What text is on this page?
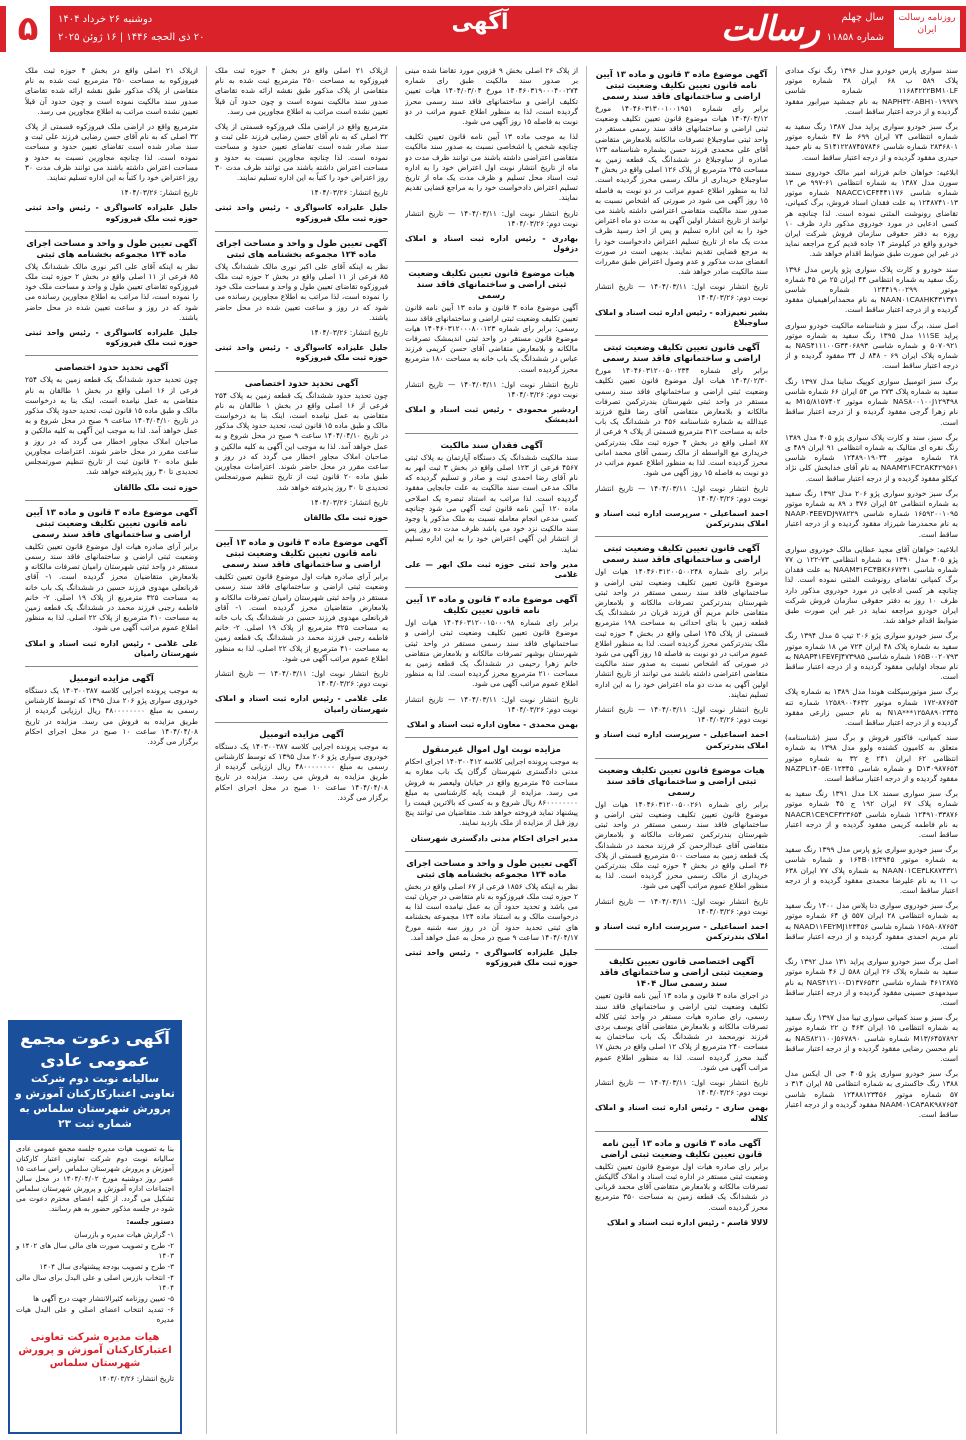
روزنامه رسالت ایران
سال چهلم
شماره ۱۱۸۵۸
رسالت
آگهی
۵	دوشنبه ۲۶ خرداد ۱۴۰۴
۲۰ ذی الحجه ۱۴۴۶ | ۱۶ ژوئن ۲۰۲۵

سند سواری پارس خودرو مدل ۱۳۹۶ رنگ نوک مدادی پلاک ۵۸۹ ب ۶۸ ایران ۳۸ شماره موتور ۱۱۶۸۴۲۲۲BM۱۰LF شماره شاسی NAPH۳۲۰ABH۱۰۱۹۹۷۹ به نام جمشید میرابور مفقود گردیده و از درجه اعتبار ساقط است.

برگ سبز خودرو سواری پراید مدل ۱۳۸۷ رنگ سفید به شماره انتظامی ۷۴ ایران ۶۹۹ ط ۴۷ شماره موتور ۲۸۳۶۸۰۱ شماره شاسی S۱۴۱۲۲۸۷۴۵۷۸۴۶ به نام حمید حیدری مفقود گردیده و از درجه اعتبار ساقط است.

ابلاغیه: خواهان خانم فرزانه امیر مالک خودروی سمند سورن مدل ۱۳۸۷ به شماره انتظامی ۶۱-۹۹۷ ص ۱۳ شماره شاسی NAACC۱CF۴۴۴۱۱۷۶ شماره موتور ۱۲۴۸۷۴۱۰۱۳ به علت فقدان اسناد فروش، برگ کمپانی، تقاضای رونوشت المثنی نموده است. لذا چنانچه هر کسی ادعایی در مورد خودروی مذکور دارد ظرف ۱۰ روزه به دفتر حقوقی سازمان فروش شرکت ایران خودرو واقع در کیلومتر ۱۴ جاده قدیم کرج مراجعه نماید در غیر این صورت طبق ضوابط اقدام خواهد شد.

سند خودرو و کارت پلاک سواری پژو پارس مدل ۱۳۹۶ رنگ سفید به شماره انتظامی ۴۴ ایران ۲۵ ص ۴۵ شماره موتور ۱۲۴۴۱۹۰۰۲۹۹ شماره شاسی NAAN۰۱CA۸HK۴۳۱۳۷۱ به نام محمدابراهیمیان مفقود گردیده و از درجه اعتبار ساقط است.

اصل سند، برگ سبز و شناسنامه مالکیت خودرو سواری پراید ۱۱۱SE مدل ۱۳۹۵ رنگ سفید به شماره موتور ۵۰۷۰۹۲۱ و شماره شاسی NAS۴۱۱۱۰۰G۳۴۰۶۸۹۳ به شماره پلاک ایران ۶۹ - ۸۴۸ ل ۳۴ مفقود گردیده و از درجه اعتبار ساقط است.

برگ سبز اتومبیل سواری کوییک ساینا مدل ۱۳۹۷ رنگ سفید به شماره پلاک ۲۷۳ ص ۵۴ ایران ۶۶ شماره شاسی NAS۸۰۰۱۰۰J۱۲۹۴۹۸ شماره موتور M۱۵/۸۱۵۷۴۰۲ به نام زهرا گرجی مفقود گردیده و از درجه اعتبار ساقط است.

برگ سبز، سند و کارت پلاک سواری پژو ۴۰۵ مدل ۱۳۸۹ رنگ نقره ای متالیک به شماره انتظامی ۹۱ ایران ۴۸۹ ی ۲۸ شماره موتور ۱۲۴۸۹۰۱۹۰۳۴ شماره شاسی NAAM۳۱FC۲AK۴۲۹۵۶۱ به نام آقای خدابخش کلی نژاد کیکلو مفقود گردیده و از درجه اعتبار ساقط است.

برگ سبز خودرو سواری پژو ۲۰۶ مدل ۱۳۹۲ رنگ سفید به شماره انتظامی ۵۲ ایران ۳۷۶ د ۸۹ به شماره موتور ۱۶۵۹۲۰۰۱۰۹۵ شماره شاسی NAAP۰۳EE۷DJ۹۷۸۲۲۹ به نام محمدرضا شیرزاد مفقود گردیده و از درجه اعتبار ساقط است.

ابلاغیه: خواهان آقای مجید عطایی مالک خودروی سواری پژو ۴۰۵ مدل ۱۳۹۰ به شماره انتظامی ۷۳-۱۲۲ ن ۷۷ شماره شاسی NAAM۳۱FC۴BK۶۶۷۲۴۱ به علت فقدان برگ کمپانی تقاضای رونوشت المثنی نموده است. لذا چنانچه هر کسی ادعایی در مورد خودروی مذکور دارد ظرف ۱۰ روز به دفتر حقوقی سازمان فروش شرکت ایران خودرو مراجعه نماید در غیر این صورت طبق ضوابط اقدام خواهد شد.

برگ سبز خودرو سواری پژو ۲۰۶ تیپ ۵ مدل ۱۳۹۴ رنگ سفید به شماره پلاک ۴۸ ایران ۷۲۳ ص ۱۸ شماره موتور ۱۶۵B۰۰۲۰۷۹۳ شماره شاسی NAAP۴۱FE۷FJ۴۷۳۹۸۵ به نام سجاد اولیایی مفقود گردیده و از درجه اعتبار ساقط است.

برگ سبز موتورسیکلت هوندا مدل ۱۳۸۹ به شماره پلاک ۸۷۶۵۴-۱۷۲ شماره موتور ۱۲۵۸۹۰۰۴۶۳۲ شماره تنه N۱A***۱۲۵A۸۹۰۲۳۴۵ به نام حسین زارعی مفقود گردیده و از درجه اعتبار ساقط است.

سند کمپانی، فاکتور فروش و برگ سبز (شناسنامه) متعلق به کامیون کشنده ولوو مدل ۱۳۹۸ به شماره انتظامی ۶۲ ایران ۲۴۱ ع ۳۲ به شماره موتور D۱۳۰۹۸۷۶۵۴ و شماره شاسی NAZPL۱۴۰۵E۰۱۲۳۴۵ مفقود گردیده و از درجه اعتبار ساقط است.

برگ سبز سواری سمند LX مدل ۱۳۹۱ رنگ سفید به شماره پلاک ۶۷ ایران ۱۹۲ ج ۴۵ شماره موتور ۱۲۴۹۱۰۳۳۸۷۶ شماره شاسی NAACR۱CE۹CF۴۲۳۶۵۴ به نام فاطمه کریمی مفقود گردیده و از درجه اعتبار ساقط است.

برگ سبز خودرو سواری پژو پارس مدل ۱۳۹۹ رنگ سفید به شماره موتور ۱۶۴B۰۱۲۳۹۴۵ و شماره شاسی NAAN۰۱CE۳LK۸۷۴۳۲۱ به شماره پلاک ۷۷ ایران ۶۳۸ ب ۱۱ به نام علیرضا محمدی مفقود گردیده و از درجه اعتبار ساقط است.

برگ سبز خودروی سواری دنا پلاس مدل ۱۴۰۰ رنگ سفید به شماره انتظامی ۲۸ ایران ۵۵۷ ق ۶۴ شماره موتور ۱۶۵A۰۸۷۶۵۴ شماره شاسی NAAD۱۱FE۲MJ۱۲۳۴۵۶ به نام مریم احمدی مفقود گردیده و از درجه اعتبار ساقط است.

اصل برگ سبز خودرو سواری پراید ۱۳۱ مدل ۱۳۹۲ رنگ سفید به شماره پلاک ۲۶ ایران ۵۸۸ ل ۴۶ شماره موتور ۴۶۱۲۸۷۵ شماره شاسی NAS۴۱۲۱۰۰D۱۳۷۶۵۴۲ به نام سیدمهدی حسینی مفقود گردیده و از درجه اعتبار ساقط است.

برگ سبز و سند کمپانی سواری تیبا مدل ۱۳۹۷ رنگ سفید به شماره انتظامی ۱۵ ایران ۴۶۳ ن ۲۲ شماره موتور M۱۳/۶۴۵۷۸۹۲ شماره شاسی NAS۸۲۱۱۰۰J۵۶۷۸۹۰ به نام محسن رضایی مفقود گردیده و از درجه اعتبار ساقط است.

برگ سبز خودرو سواری پژو ۴۰۵ جی ال ایکس مدل ۱۳۸۸ رنگ خاکستری به شماره انتظامی ۸۵ ایران ۳۱۴ د ۵۷ شماره موتور ۱۲۴۸۸۱۲۳۴۵۶ شماره شاسی NAAM۰۱CA۳AK۹۸۷۶۵۴ مفقود گردیده و از درجه اعتبار ساقط است.

آگهی موضوع ماده ۳ قانون و ماده ۱۳ آیین نامه قانون تعیین تکلیف وضعیت ثبتی اراضی و ساختمانهای فاقد سند رسمی

برابر رای شماره ۱۴۰۴۶۰۳۱۳۰۰۱۰۰۱۹۵۱ مورخ ۱۴۰۴/۰۳/۱۲ هیات موضوع قانون تعیین تکلیف وضعیت ثبتی اراضی و ساختمانهای فاقد سند رسمی مستقر در واحد ثبتی ساوجبلاغ تصرفات مالکانه بلامعارض متقاضی آقای علی محمدی فرزند حسن بشماره شناسنامه ۱۲۳ صادره از ساوجبلاغ در ششدانگ یک قطعه زمین به مساحت ۲۴۵ مترمربع از پلاک ۱۲۶ اصلی واقع در بخش ۴ ساوجبلاغ خریداری از مالک رسمی محرز گردیده است. لذا به منظور اطلاع عموم مراتب در دو نوبت به فاصله ۱۵ روز آگهی می شود در صورتی که اشخاص نسبت به صدور سند مالکیت متقاضی اعتراضی داشته باشند می توانند از تاریخ انتشار اولین آگهی به مدت دو ماه اعتراض خود را به این اداره تسلیم و پس از اخذ رسید ظرف مدت یک ماه از تاریخ تسلیم اعتراض دادخواست خود را به مرجع قضایی تقدیم نمایند. بدیهی است در صورت انقضای مدت مذکور و عدم وصول اعتراض طبق مقررات سند مالکیت صادر خواهد شد.

تاریخ انتشار نوبت اول: ۱۴۰۴/۰۳/۱۱ — تاریخ انتشار نوبت دوم: ۱۴۰۴/۰۳/۲۶

بشیر نعیم‌زاده - رئیس اداره ثبت اسناد و املاک ساوجبلاغ
آگهی قانون تعیین تکلیف وضعیت ثبتی اراضی و ساختمانهای فاقد سند رسمی

برابر رای شماره ۱۴۰۴۶۰۳۱۲۰۰۵۰۰۲۳۴ مورخ ۱۴۰۴/۰۲/۳۰ هیات اول موضوع قانون تعیین تکلیف وضعیت ثبتی اراضی و ساختمانهای فاقد سند رسمی مستقر در واحد ثبتی شهرستان بندرترکمن تصرفات مالکانه و بلامعارض متقاضی آقای رضا قلیچ فرزند عبدالله به شماره شناسنامه ۴۵۶ در ششدانگ یک باب خانه به مساحت ۳۱۲ مترمربع قسمتی از پلاک ۹ فرعی از ۸۷ اصلی واقع در بخش ۴ حوزه ثبت ملک بندرترکمن خریداری مع الواسطه از مالک رسمی آقای محمد امانی محرز گردیده است. لذا به منظور اطلاع عموم مراتب در دو نوبت به فاصله ۱۵ روز آگهی می شود.

تاریخ انتشار نوبت اول: ۱۴۰۴/۰۳/۱۱ — تاریخ انتشار نوبت دوم: ۱۴۰۴/۰۳/۲۶

احمد اسماعیلی - سرپرست اداره ثبت اسناد و املاک بندرترکمن
آگهی قانون تعیین تکلیف وضعیت ثبتی اراضی و ساختمانهای فاقد سند رسمی

برابر رای شماره ۱۴۰۴۶۰۳۱۲۰۰۵۰۰۲۴۸ هیات اول موضوع قانون تعیین تکلیف وضعیت ثبتی اراضی و ساختمانهای فاقد سند رسمی مستقر در واحد ثبتی شهرستان بندرترکمن تصرفات مالکانه و بلامعارض متقاضی خانم مریم آق فرزند قربان در ششدانگ یک قطعه زمین با بنای احداثی به مساحت ۱۹۸ مترمربع قسمتی از پلاک ۱۴۵ اصلی واقع در بخش ۴ حوزه ثبت ملک بندرترکمن محرز گردیده است. لذا به منظور اطلاع عموم مراتب در دو نوبت به فاصله ۱۵ روز آگهی می شود در صورتی که اشخاص نسبت به صدور سند مالکیت متقاضی اعتراضی داشته باشند می توانند از تاریخ انتشار اولین آگهی به مدت دو ماه اعتراض خود را به این اداره تسلیم نمایند.

تاریخ انتشار نوبت اول: ۱۴۰۴/۰۳/۱۱ — تاریخ انتشار نوبت دوم: ۱۴۰۴/۰۳/۲۶

احمد اسماعیلی - سرپرست اداره ثبت اسناد و املاک بندرترکمن
هیات موضوع قانون تعیین تکلیف وضعیت ثبتی اراضی و ساختمانهای فاقد سند رسمی

برابر رای شماره ۱۴۰۴۶۰۳۱۲۰۰۵۰۰۲۶۱ هیات اول موضوع قانون تعیین تکلیف وضعیت ثبتی اراضی و ساختمانهای فاقد سند رسمی مستقر در واحد ثبتی شهرستان بندرترکمن تصرفات مالکانه و بلامعارض متقاضی آقای عبدالرحمن کر فرزند محمد در ششدانگ یک قطعه زمین به مساحت ۵۰۰ مترمربع قسمتی از پلاک ۳۶ اصلی واقع در بخش ۴ حوزه ثبت ملک بندرترکمن خریداری از مالک رسمی محرز گردیده است. لذا به منظور اطلاع عموم مراتب آگهی می شود.

تاریخ انتشار نوبت اول: ۱۴۰۴/۰۳/۱۱ — تاریخ انتشار نوبت دوم: ۱۴۰۴/۰۳/۲۶

احمد اسماعیلی - سرپرست اداره ثبت اسناد و املاک بندرترکمن
آگهی اختصاصی قانون تعیین تکلیف وضعیت ثبتی اراضی و ساختمانهای فاقد سند رسمی سال ۱۴۰۴

در اجرای ماده ۳ قانون و ماده ۱۳ آیین نامه قانون تعیین تکلیف وضعیت ثبتی اراضی و ساختمانهای فاقد سند رسمی، رای صادره هیات مستقر در واحد ثبتی کلاله تصرفات مالکانه و بلامعارض متقاضی آقای یوسف بردی فرزند نورمحمد در ششدانگ یک باب ساختمان به مساحت ۲۴۰ مترمربع از پلاک ۱۲ اصلی واقع در بخش ۱۷ گنبد محرز گردیده است. لذا به منظور اطلاع عموم مراتب آگهی می شود.

تاریخ انتشار نوبت اول: ۱۴۰۴/۰۳/۱۱ — تاریخ انتشار نوبت دوم: ۱۴۰۴/۰۳/۲۶

بهمن ساری - رئیس اداره ثبت اسناد و املاک کلاله
آگهی ماده ۳ قانون و ماده ۱۳ آیین نامه قانون تعیین تکلیف وضعیت ثبتی اراضی

برابر رای صادره هیات اول موضوع قانون تعیین تکلیف وضعیت ثبتی مستقر در اداره ثبت اسناد و املاک گالیکش تصرفات مالکانه و بلامعارض متقاضی آقای محمد قربانی در ششدانگ یک قطعه زمین به مساحت ۳۵۰ مترمربع محرز گردیده است.

لالالا قاسم - رئیس اداره ثبت اسناد و املاک

از پلاک ۲۶ اصلی بخش ۹ قزوین مورد تقاضا شده مبنی بر صدور سند مالکیت طبق رای شماره ۱۴۰۴۶۰۳۱۹۰۰۰۴۰۰۲۷۴ مورخ ۱۴۰۴/۰۳/۰۴ هیات تعیین تکلیف اراضی و ساختمانهای فاقد سند رسمی محرز گردیده است، لذا به منظور اطلاع عموم مراتب در دو نوبت به فاصله ۱۵ روز آگهی می شود.

لذا به موجب ماده ۱۳ آیین نامه قانون تعیین تکلیف چنانچه شخص یا اشخاصی نسبت به صدور سند مالکیت متقاضی اعتراضی داشته باشند می توانند ظرف مدت دو ماه از تاریخ انتشار نوبت اول اعتراض خود را به اداره ثبت اسناد محل تسلیم و ظرف مدت یک ماه از تاریخ تسلیم اعتراض دادخواست خود را به مراجع قضایی تقدیم نمایند.

تاریخ انتشار نوبت اول: ۱۴۰۴/۰۳/۱۱ — تاریخ انتشار نوبت دوم: ۱۴۰۴/۰۳/۲۶

بهادری - رئیس اداره ثبت اسناد و املاک دزفول
هیات موضوع قانون تعیین تکلیف وضعیت ثبتی اراضی و ساختمانهای فاقد سند رسمی

آگهی موضوع ماده ۳ قانون و ماده ۱۳ آیین نامه قانون تعیین تکلیف وضعیت ثبتی اراضی و ساختمانهای فاقد سند رسمی: برابر رای شماره ۱۴۰۴۶۰۳۱۲۰۰۰۸۰۰۱۲۳ هیات موضوع قانون مستقر در واحد ثبتی اندیمشک تصرفات مالکانه و بلامعارض متقاضی آقای حسن کریمی فرزند عباس در ششدانگ یک باب خانه به مساحت ۱۸۰ مترمربع محرز گردیده است.

تاریخ انتشار نوبت اول: ۱۴۰۴/۰۳/۱۱ — تاریخ انتشار نوبت دوم: ۱۴۰۴/۰۳/۲۶

اردشیر محمودی - رئیس ثبت اسناد و املاک اندیمشک
آگهی فقدان سند مالکیت

سند مالکیت ششدانگ یک دستگاه آپارتمان به پلاک ثبتی ۴۵۶۷ فرعی از ۱۲۳ اصلی واقع در بخش ۳ ثبت ابهر به نام آقای رضا احمدی ثبت و صادر و تسلیم گردیده که مالک مدعی است سند مالکیت به علت جابجایی مفقود گردیده است. لذا مراتب به استناد تبصره یک اصلاحی ماده ۱۲۰ آیین نامه قانون ثبت آگهی می شود چنانچه کسی مدعی انجام معامله نسبت به ملک مذکور یا وجود سند مالکیت نزد خود می باشد ظرف مدت ده روز پس از انتشار این آگهی اعتراض خود را به این اداره تسلیم نماید.

مدیر واحد ثبتی حوزه ثبت ملک ابهر — علی غلامی
آگهی موضوع ماده ۳ قانون و ماده ۱۳ آیین نامه قانون تعیین تکلیف

برابر رای شماره ۱۴۰۴۶۰۳۱۲۰۰۱۵۰۰۰۹۸ هیات اول موضوع قانون تعیین تکلیف وضعیت ثبتی اراضی و ساختمانهای فاقد سند رسمی مستقر در واحد ثبتی شهرستان بوشهر تصرفات مالکانه و بلامعارض متقاضی خانم زهرا رحیمی در ششدانگ یک قطعه زمین به مساحت ۲۱۰ مترمربع محرز گردیده است. لذا به منظور اطلاع عموم مراتب آگهی می شود.

تاریخ انتشار نوبت اول: ۱۴۰۴/۰۳/۱۱ — تاریخ انتشار نوبت دوم: ۱۴۰۴/۰۳/۲۶

بهمن محمدی - معاون اداره ثبت اسناد و املاک
مزایده نوبت اول اموال غیرمنقول

به موجب پرونده اجرایی کلاسه ۱۴۰۳۰۰۴۱۲ اجرای احکام مدنی دادگستری شهرستان گرگان یک باب مغازه به مساحت ۴۵ مترمربع واقع در خیابان ولیعصر به فروش می رسد. مزایده از قیمت پایه کارشناسی به مبلغ ۸۶۰۰۰۰۰۰۰۰ ریال شروع و به کسی که بالاترین قیمت را پیشنهاد نماید فروخته خواهد شد. متقاضیان می توانند پنج روز قبل از مزایده از ملک بازدید نمایند.

مدیر اجرای احکام مدنی دادگستری شهرستان
آگهی تعیین طول و واحد و مساحت اجرای ماده ۱۲۴ مجموعه بخشنامه های ثبتی

نظر به اینکه پلاک ۱۸۵۶ فرعی از ۶۷ اصلی واقع در بخش ۲ حوزه ثبت ملک فیروزکوه به نام متقاضی در جریان ثبت می باشد و تحدید حدود آن به عمل نیامده است لذا به درخواست مالک و به استناد ماده ۱۲۴ مجموعه بخشنامه های ثبتی تحدید حدود آن در روز سه شنبه مورخ ۱۴۰۴/۰۴/۱۷ ساعت ۹ صبح در محل به عمل خواهد آمد.

جلیل علیزاده کاسواگری - رئیس واحد ثبتی حوزه ثبت ملک فیروزکوه

ازپلاک ۲۱ اصلی واقع در بخش ۴ حوزه ثبت ملک فیروزکوه به مساحت ۲۵۰ مترمربع ثبت شده به نام متقاضی از پلاک مذکور طبق نقشه ارائه شده تقاضای صدور سند مالکیت نموده است و چون حدود آن قبلاً تعیین نشده است مراتب به اطلاع مجاورین می رسد.

مترمربع واقع در اراضی ملک فیروزکوه قسمتی از پلاک ۳۲ اصلی که به نام آقای حسن رضایی فرزند علی ثبت و سند صادر شده است تقاضای تعیین حدود و مساحت نموده است. لذا چنانچه مجاورین نسبت به حدود و مساحت اعتراض داشته باشند می توانند ظرف مدت ۳۰ روز اعتراض خود را کتباً به این اداره تسلیم نمایند.

تاریخ انتشار: ۱۴۰۴/۰۳/۲۶

جلیل علیزاده کاسواگری - رئیس واحد ثبتی حوزه ثبت ملک فیروزکوه
آگهی تعیین طول و واحد و مساحت اجرای ماده ۱۲۴ مجموعه بخشنامه های ثبتی

نظر به اینکه آقای علی اکبر نوری مالک ششدانگ پلاک ۸۵ فرعی از ۱۱ اصلی واقع در بخش ۲ حوزه ثبت ملک فیروزکوه تقاضای تعیین طول و واحد و مساحت ملک خود را نموده است، لذا مراتب به اطلاع مجاورین رسانده می شود که در روز و ساعت تعیین شده در محل حاضر باشند.

تاریخ انتشار: ۱۴۰۴/۰۳/۲۶

جلیل علیزاده کاسواگری - رئیس واحد ثبتی حوزه ثبت ملک فیروزکوه
آگهی تحدید حدود اختصاصی

چون تحدید حدود ششدانگ یک قطعه زمین به پلاک ۲۵۴ فرعی از ۱۶ اصلی واقع در بخش ۱ طالقان به نام متقاضی به عمل نیامده است، اینک بنا به درخواست مالک و طبق ماده ۱۵ قانون ثبت، تحدید حدود پلاک مذکور در تاریخ ۱۴۰۴/۰۴/۱۰ ساعت ۹ صبح در محل شروع و به عمل خواهد آمد. لذا به موجب این آگهی به کلیه مالکین و صاحبان املاک مجاور اخطار می گردد که در روز و ساعت مقرر در محل حاضر شوند. اعتراضات مجاورین طبق ماده ۲۰ قانون ثبت از تاریخ تنظیم صورتمجلس تحدیدی تا ۳۰ روز پذیرفته خواهد شد.

تاریخ انتشار: ۱۴۰۴/۰۳/۲۶

حوزه ثبت ملک طالقان
آگهی موضوع ماده ۳ قانون و ماده ۱۳ آیین نامه قانون تعیین تکلیف وضعیت ثبتی اراضی و ساختمانهای فاقد سند رسمی

برابر آرای صادره هیات اول موضوع قانون تعیین تکلیف وضعیت ثبتی اراضی و ساختمانهای فاقد سند رسمی مستقر در واحد ثبتی شهرستان رامیان تصرفات مالکانه و بلامعارض متقاضیان محرز گردیده است. ۱- آقای قربانعلی مهدوی فرزند حسین در ششدانگ یک باب خانه به مساحت ۳۲۵ مترمربع از پلاک ۱۹ اصلی. ۲- خانم فاطمه رجبی فرزند محمد در ششدانگ یک قطعه زمین به مساحت ۴۱۰ مترمربع از پلاک ۲۲ اصلی. لذا به منظور اطلاع عموم مراتب آگهی می شود.

تاریخ انتشار نوبت اول: ۱۴۰۴/۰۳/۱۱ — تاریخ انتشار نوبت دوم: ۱۴۰۴/۰۳/۲۶

علی غلامی - رئیس اداره ثبت اسناد و املاک شهرستان رامیان
آگهی مزایده اتومبیل

به موجب پرونده اجرایی کلاسه ۱۴۰۳۰۰۳۸۷ یک دستگاه خودروی سواری پژو ۲۰۶ مدل ۱۳۹۵ که توسط کارشناس رسمی به مبلغ ۴۸۰۰۰۰۰۰۰۰ ریال ارزیابی گردیده از طریق مزایده به فروش می رسد. مزایده در تاریخ ۱۴۰۴/۰۴/۰۸ ساعت ۱۰ صبح در محل اجرای احکام برگزار می گردد.

ازپلاک ۲۱ اصلی واقع در بخش ۴ حوزه ثبت ملک فیروزکوه به مساحت ۲۵۰ مترمربع ثبت شده به نام متقاضی از پلاک مذکور طبق نقشه ارائه شده تقاضای صدور سند مالکیت نموده است و چون حدود آن قبلاً تعیین نشده است مراتب به اطلاع مجاورین می رسد.

مترمربع واقع در اراضی ملک فیروزکوه قسمتی از پلاک ۳۲ اصلی که به نام آقای حسن رضایی فرزند علی ثبت و سند صادر شده است تقاضای تعیین حدود و مساحت نموده است. لذا چنانچه مجاورین نسبت به حدود و مساحت اعتراض داشته باشند می توانند ظرف مدت ۳۰ روز اعتراض خود را کتباً به این اداره تسلیم نمایند.

تاریخ انتشار: ۱۴۰۴/۰۳/۲۶

جلیل علیزاده کاسواگری - رئیس واحد ثبتی حوزه ثبت ملک فیروزکوه
آگهی تعیین طول و واحد و مساحت اجرای ماده ۱۲۴ مجموعه بخشنامه های ثبتی

نظر به اینکه آقای علی اکبر نوری مالک ششدانگ پلاک ۸۵ فرعی از ۱۱ اصلی واقع در بخش ۲ حوزه ثبت ملک فیروزکوه تقاضای تعیین طول و واحد و مساحت ملک خود را نموده است، لذا مراتب به اطلاع مجاورین رسانده می شود که در روز و ساعت تعیین شده در محل حاضر باشند.

جلیل علیزاده کاسواگری - رئیس واحد ثبتی حوزه ثبت ملک فیروزکوه
آگهی تحدید حدود اختصاصی

چون تحدید حدود ششدانگ یک قطعه زمین به پلاک ۲۵۴ فرعی از ۱۶ اصلی واقع در بخش ۱ طالقان به نام متقاضی به عمل نیامده است، اینک بنا به درخواست مالک و طبق ماده ۱۵ قانون ثبت، تحدید حدود پلاک مذکور در تاریخ ۱۴۰۴/۰۴/۱۰ ساعت ۹ صبح در محل شروع و به عمل خواهد آمد. لذا به موجب این آگهی به کلیه مالکین و صاحبان املاک مجاور اخطار می گردد که در روز و ساعت مقرر در محل حاضر شوند. اعتراضات مجاورین طبق ماده ۲۰ قانون ثبت از تاریخ تنظیم صورتمجلس تحدیدی تا ۳۰ روز پذیرفته خواهد شد.

حوزه ثبت ملک طالقان
آگهی موضوع ماده ۳ قانون و ماده ۱۳ آیین نامه قانون تعیین تکلیف وضعیت ثبتی اراضی و ساختمانهای فاقد سند رسمی

برابر آرای صادره هیات اول موضوع قانون تعیین تکلیف وضعیت ثبتی اراضی و ساختمانهای فاقد سند رسمی مستقر در واحد ثبتی شهرستان رامیان تصرفات مالکانه و بلامعارض متقاضیان محرز گردیده است. ۱- آقای قربانعلی مهدوی فرزند حسین در ششدانگ یک باب خانه به مساحت ۳۲۵ مترمربع از پلاک ۱۹ اصلی. ۲- خانم فاطمه رجبی فرزند محمد در ششدانگ یک قطعه زمین به مساحت ۴۱۰ مترمربع از پلاک ۲۲ اصلی. لذا به منظور اطلاع عموم مراتب آگهی می شود.

علی غلامی - رئیس اداره ثبت اسناد و املاک شهرستان رامیان
آگهی مزایده اتومبیل

به موجب پرونده اجرایی کلاسه ۱۴۰۳۰۰۳۸۷ یک دستگاه خودروی سواری پژو ۲۰۶ مدل ۱۳۹۵ که توسط کارشناس رسمی به مبلغ ۴۸۰۰۰۰۰۰۰۰ ریال ارزیابی گردیده از طریق مزایده به فروش می رسد. مزایده در تاریخ ۱۴۰۴/۰۴/۰۸ ساعت ۱۰ صبح در محل اجرای احکام برگزار می گردد.

آگهی دعوت مجمع عمومی عادی
سالیانه نوبت دوم شرکت تعاونی اعتبارکارکنان آموزش و پرورش شهرستان سلماس به شماره ثبت ۲۳

بنا به تصویب هیات مدیره جلسه مجمع عمومی عادی سالیانه نوبت دوم شرکت تعاونی اعتبار کارکنان آموزش و پرورش شهرستان سلماس راس ساعت ۱۵ عصر روز دوشنبه مورخ ۱۴۰۴/۰۴/۰۲ در محل سالن اجتماعات اداره آموزش و پرورش شهرستان سلماس تشکیل می گردد. از کلیه اعضای محترم دعوت می شود در جلسه مذکور حضور به هم رسانند.

دستور جلسه:

۱- گزارش هیات مدیره و بازرسان
۲- طرح و تصویب صورت های مالی سال های ۱۴۰۲ و ۱۴۰۳
۳- طرح و تصویب بودجه پیشنهادی سال ۱۴۰۴
۴- انتخاب بازرس اصلی و علی البدل برای سال مالی ۱۴۰۴
۵- تعیین روزنامه کثیرالانتشار جهت درج آگهی ها
۶- تمدید انتخاب اعضای اصلی و علی البدل هیات مدیره
هیات مدیره شرکت تعاونی اعتبارکارکنان آموزش و پرورش شهرستان سلماس
تاریخ انتشار: ۱۴۰۴/۰۳/۲۶
